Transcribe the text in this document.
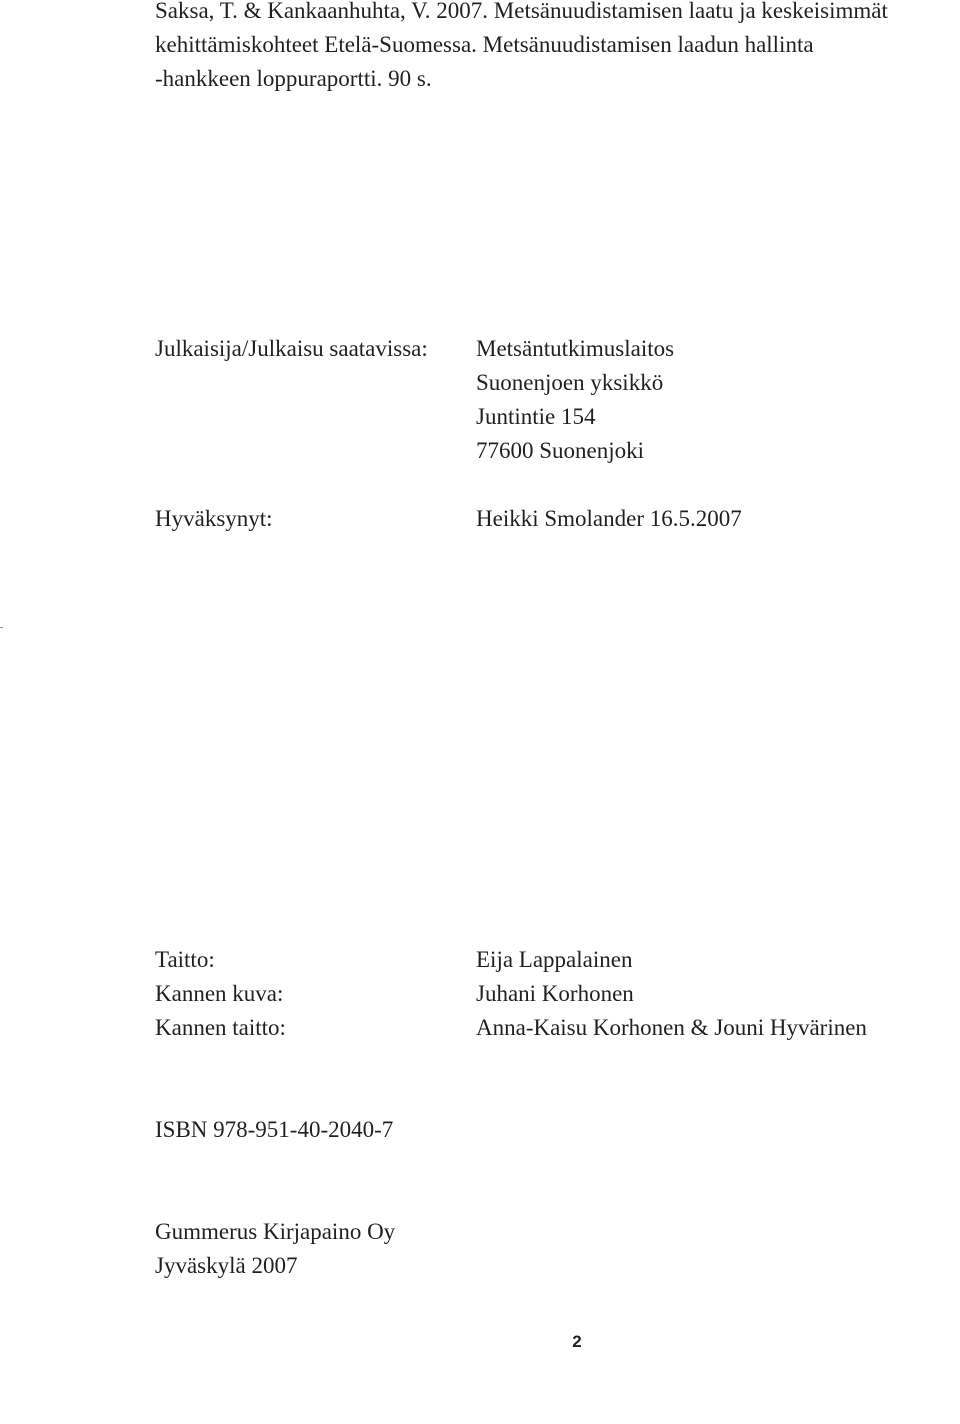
Saksa, T. & Kankaanhuhta, V. 2007. Metsänuudistamisen laatu ja keskeisimmät
kehittämiskohteet Etelä-Suomessa. Metsänuudistamisen laadun hallinta
-hankkeen loppuraportti. 90 s.
Julkaisija/Julkaisu saatavissa: Metsäntutkimuslaitos
Suonenjoen yksikkö
Juntintie 154
77600 Suonenjoki
Hyväksynyt:	Heikki Smolander 16.5.2007
Taitto:	Eija Lappalainen
Kannen kuva:	Juhani Korhonen
Kannen taitto:	Anna-Kaisu Korhonen & Jouni Hyvärinen
ISBN 978-951-40-2040-7
Gummerus Kirjapaino Oy
Jyväskylä 2007
2
